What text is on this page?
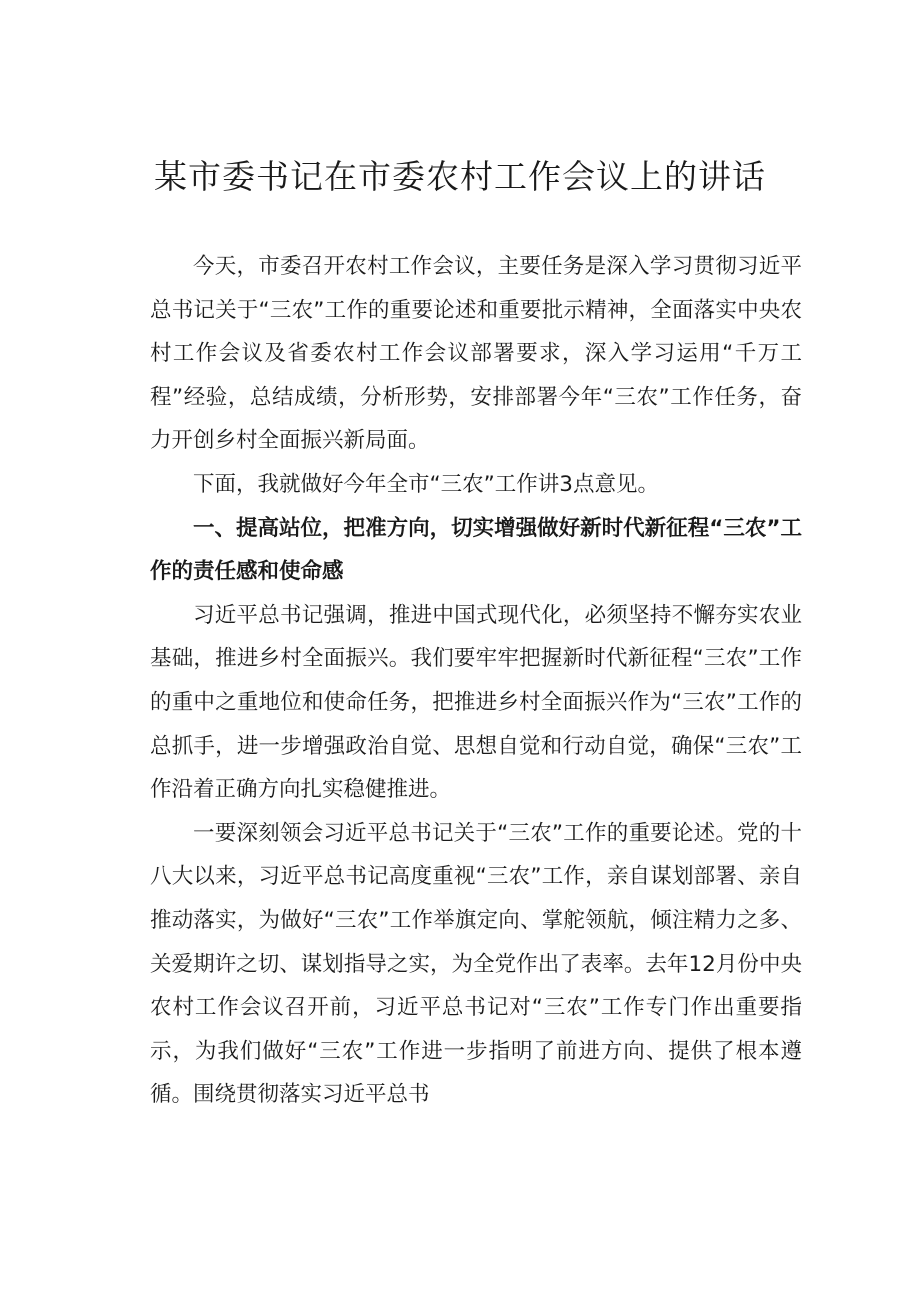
某市委书记在市委农村工作会议上的讲话

今天，市委召开农村工作会议，主要任务是深入学习贯彻习近平总书记关于“三农”工作的重要论述和重要批示精神，全面落实中央农村工作会议及省委农村工作会议部署要求，深入学习运用“千万工程”经验，总结成绩，分析形势，安排部署今年“三农”工作任务，奋力开创乡村全面振兴新局面。

下面，我就做好今年全市“三农”工作讲3点意见。

一、提高站位，把准方向，切实增强做好新时代新征程“三农”工作的责任感和使命感

习近平总书记强调，推进中国式现代化，必须坚持不懈夯实农业基础，推进乡村全面振兴。我们要牢牢把握新时代新征程“三农”工作的重中之重地位和使命任务，把推进乡村全面振兴作为“三农”工作的总抓手，进一步增强政治自觉、思想自觉和行动自觉，确保“三农”工作沿着正确方向扎实稳健推进。

一要深刻领会习近平总书记关于“三农”工作的重要论述。党的十八大以来，习近平总书记高度重视“三农”工作，亲自谋划部署、亲自推动落实，为做好“三农”工作举旗定向、掌舵领航，倾注精力之多、关爱期许之切、谋划指导之实，为全党作出了表率。去年12月份中央农村工作会议召开前，习近平总书记对“三农”工作专门作出重要指示，为我们做好“三农”工作进一步指明了前进方向、提供了根本遵循。围绕贯彻落实习近平总书
